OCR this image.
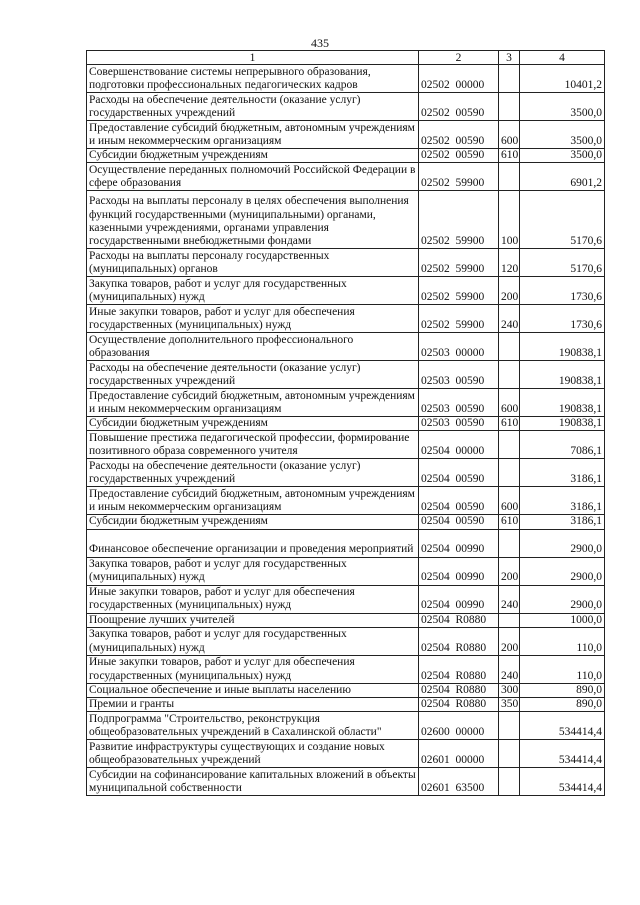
435
1	2	3	4
Совершенствование системы непрерывного образования, подготовки профессиональных педагогических кадров	02502  00000		10401,2
Расходы на обеспечение деятельности (оказание услуг) государственных учреждений	02502  00590		3500,0
Предоставление субсидий бюджетным, автономным учреждениям и иным некоммерческим организациям	02502  00590	600	3500,0
Субсидии бюджетным учреждениям	02502  00590	610	3500,0
Осуществление переданных полномочий Российской Федерации в сфере образования	02502  59900		6901,2
Расходы на выплаты персоналу в целях обеспечения выполнения функций государственными (муниципальными) органами, казенными учреждениями, органами управления государственными внебюджетными фондами	02502  59900	100	5170,6
Расходы на выплаты персоналу государственных (муниципальных) органов	02502  59900	120	5170,6
Закупка товаров, работ и услуг для государственных (муниципальных) нужд	02502  59900	200	1730,6
Иные закупки товаров, работ и услуг для обеспечения государственных (муниципальных) нужд	02502  59900	240	1730,6
Осуществление дополнительного профессионального образования	02503  00000		190838,1
Расходы на обеспечение деятельности (оказание услуг) государственных учреждений	02503  00590		190838,1
Предоставление субсидий бюджетным, автономным учреждениям и иным некоммерческим организациям	02503  00590	600	190838,1
Субсидии бюджетным учреждениям	02503  00590	610	190838,1
Повышение престижа педагогической профессии, формирование позитивного образа современного учителя	02504  00000		7086,1
Расходы на обеспечение деятельности (оказание услуг) государственных учреждений	02504  00590		3186,1
Предоставление субсидий бюджетным, автономным учреждениям и иным некоммерческим организациям	02504  00590	600	3186,1
Субсидии бюджетным учреждениям	02504  00590	610	3186,1
Финансовое обеспечение организации и проведения мероприятий	02504  00990		2900,0
Закупка товаров, работ и услуг для государственных (муниципальных) нужд	02504  00990	200	2900,0
Иные закупки товаров, работ и услуг для обеспечения государственных (муниципальных) нужд	02504  00990	240	2900,0
Поощрение лучших учителей	02504  R0880		1000,0
Закупка товаров, работ и услуг для государственных (муниципальных) нужд	02504  R0880	200	110,0
Иные закупки товаров, работ и услуг для обеспечения государственных (муниципальных) нужд	02504  R0880	240	110,0
Социальное обеспечение и иные выплаты населению	02504  R0880	300	890,0
Премии и гранты	02504  R0880	350	890,0
Подпрограмма "Строительство, реконструкция общеобразовательных учреждений в Сахалинской области"	02600  00000		534414,4
Развитие инфраструктуры существующих и создание новых общеобразовательных учреждений	02601  00000		534414,4
Субсидии на софинансирование капитальных вложений в объекты муниципальной собственности	02601  63500		534414,4
